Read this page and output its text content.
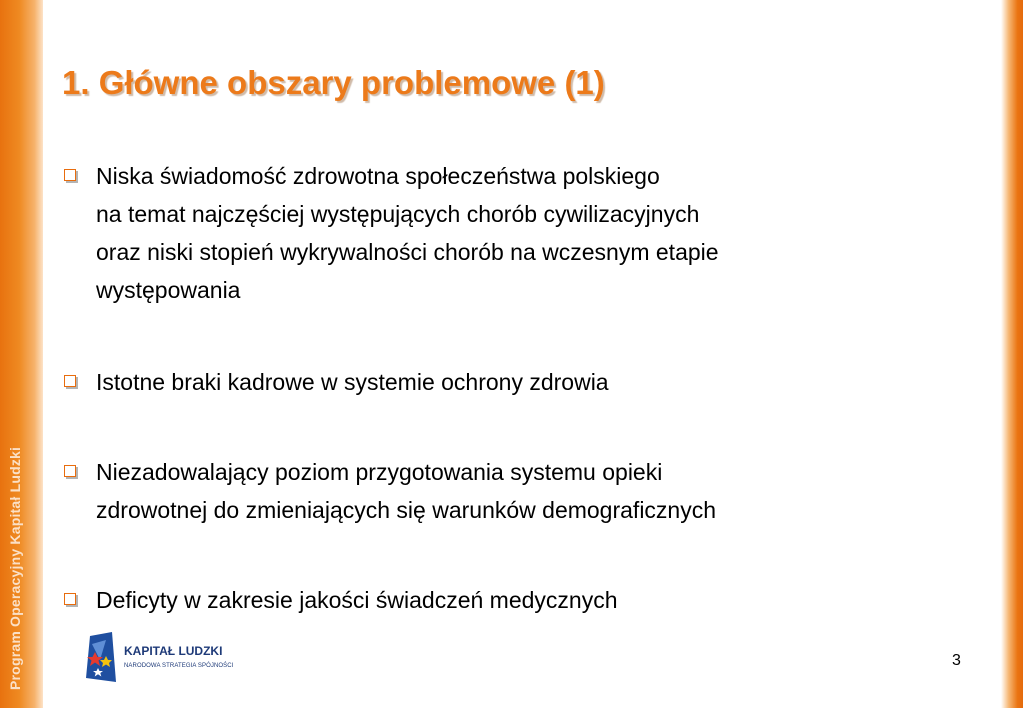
Program Operacyjny Kapitał Ludzki
1. Główne obszary problemowe (1)
Niska świadomość zdrowotna społeczeństwa polskiego
na temat najczęściej występujących chorób cywilizacyjnych
oraz niski stopień wykrywalności chorób na wczesnym etapie
występowania
Istotne braki kadrowe w systemie ochrony zdrowia
Niezadowalający poziom przygotowania systemu opieki
zdrowotnej do zmieniających się warunków demograficznych
Deficyty w zakresie jakości świadczeń medycznych
KAPITAŁ LUDZKI
NARODOWA STRATEGIA SPÓJNOŚCI	3
